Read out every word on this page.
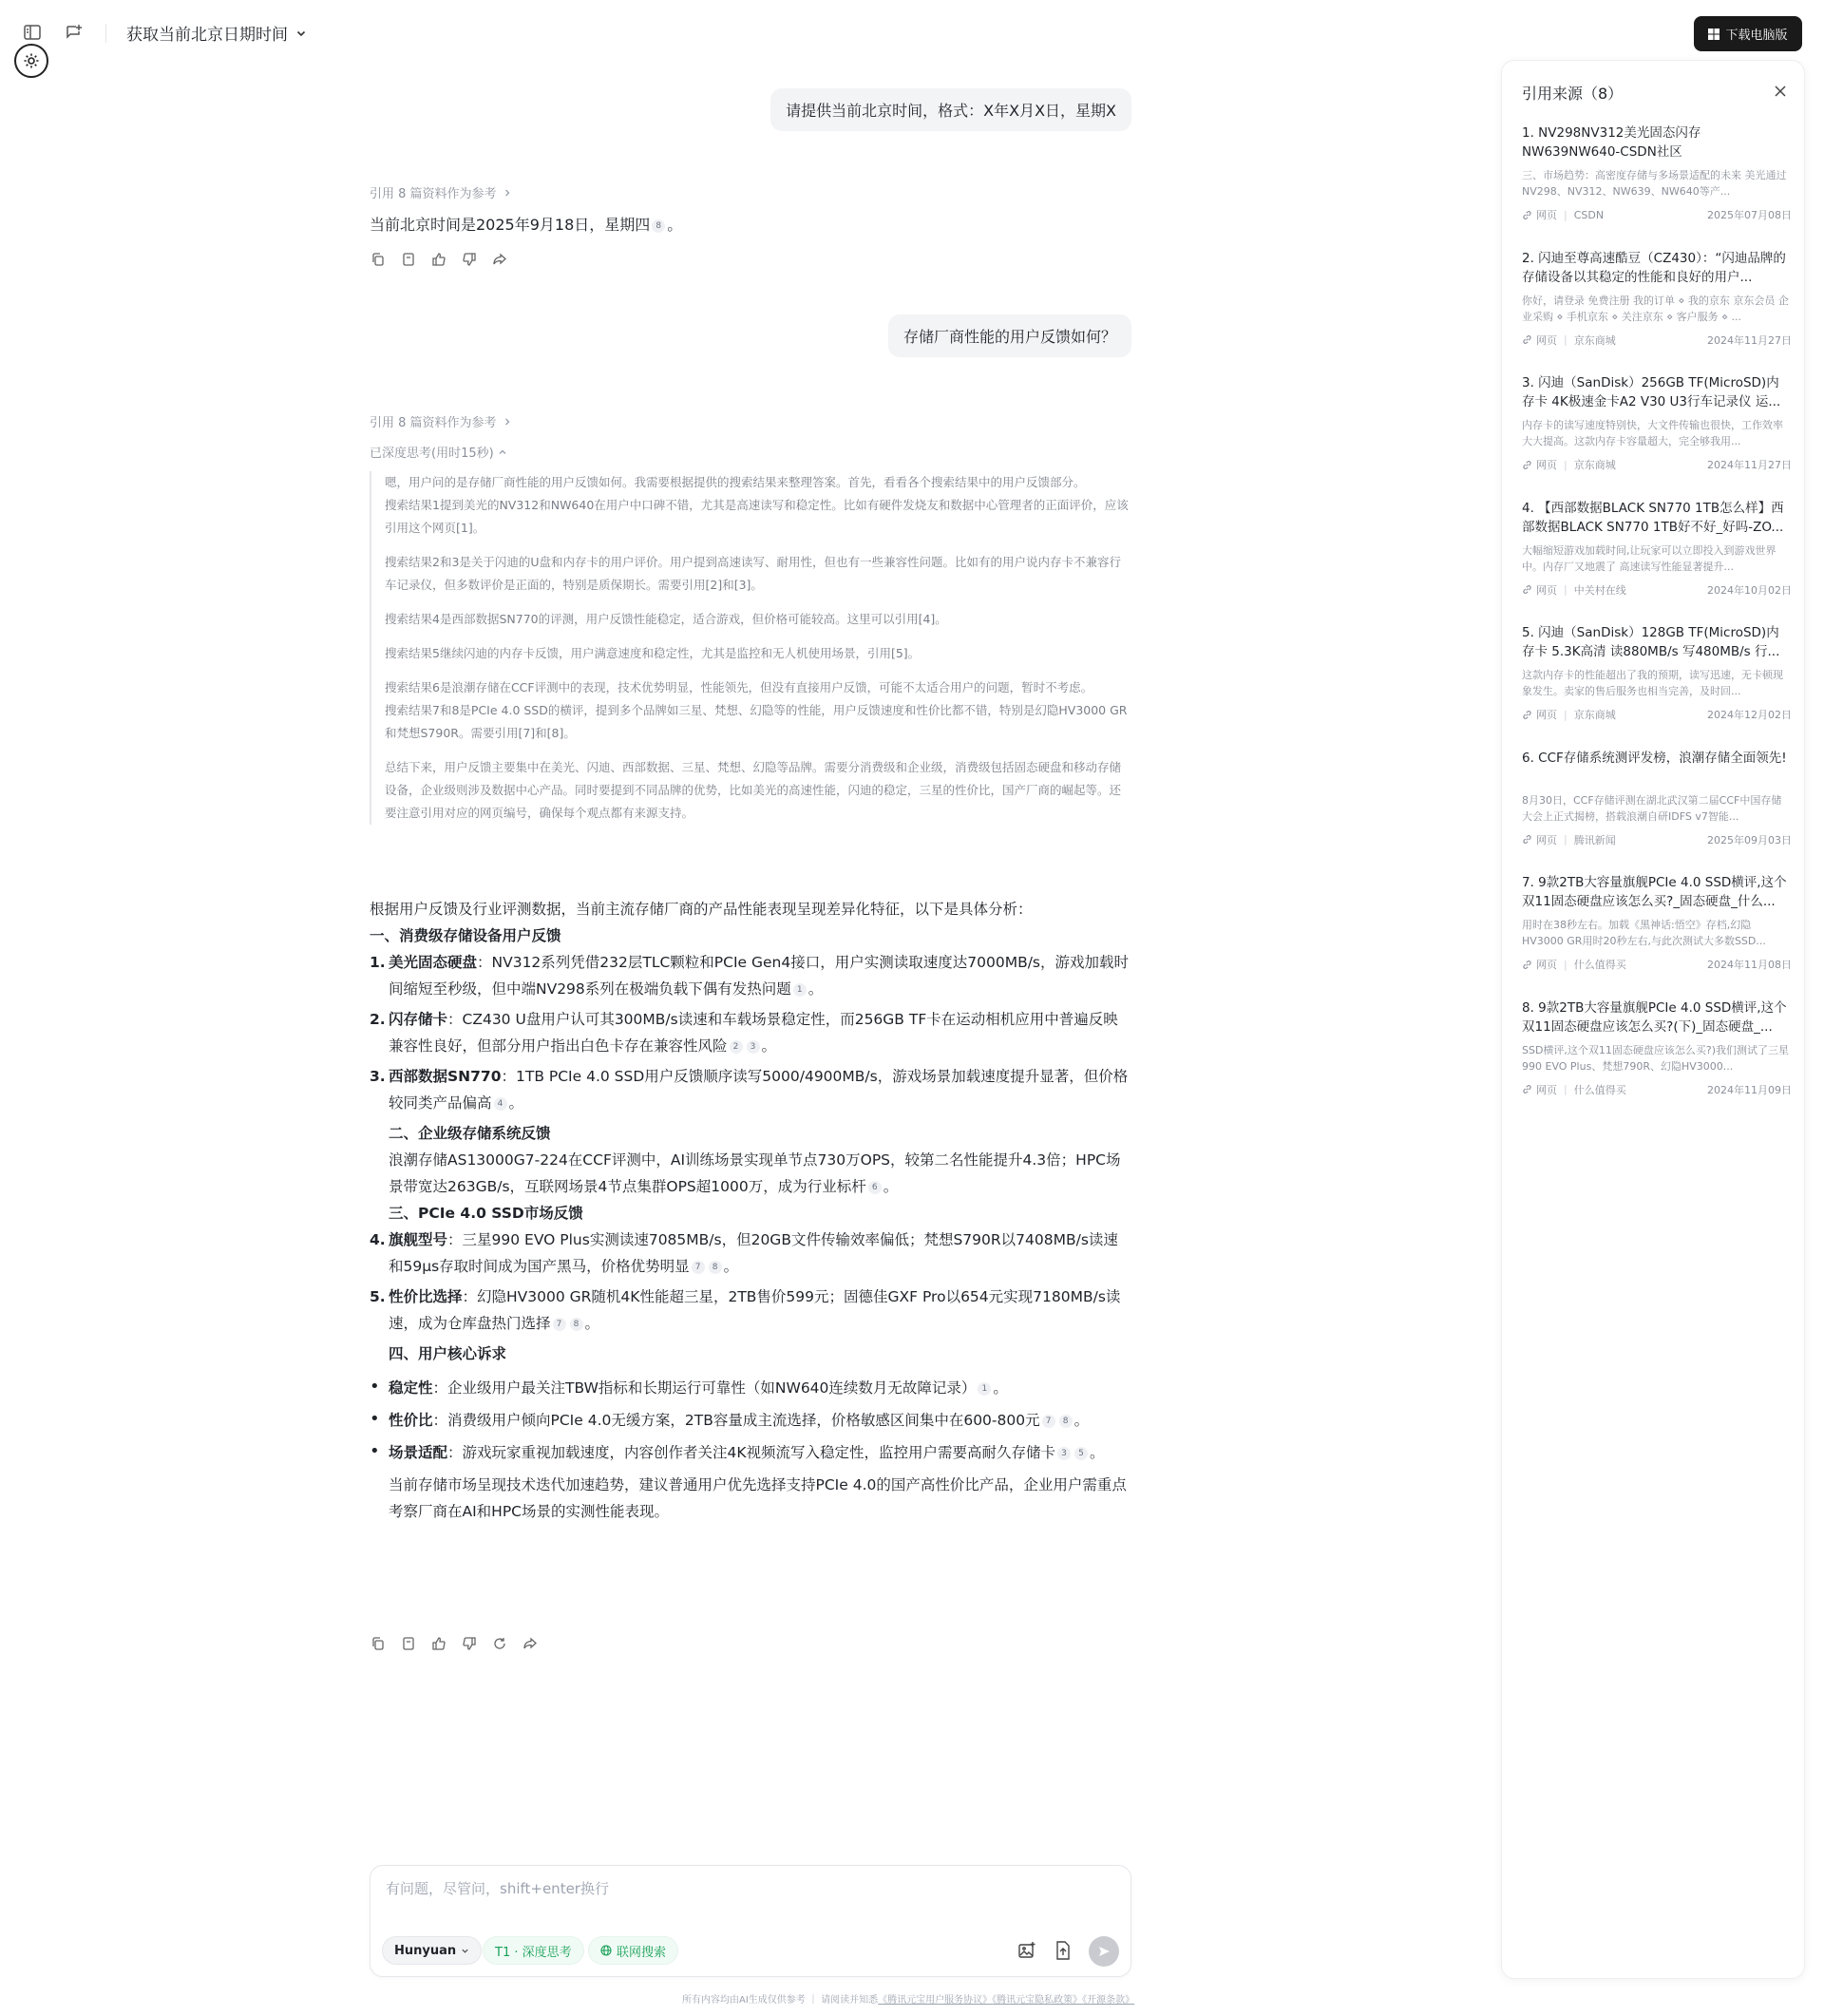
获取当前北京日期时间	下载电脑版
请提供当前北京时间，格式：X年X月X日，星期X
引用 8 篇资料作为参考
当前北京时间是2025年9月18日，星期四 8 。
存储厂商性能的用户反馈如何？
引用 8 篇资料作为参考
已深度思考(用时15秒)

嗯，用户问的是存储厂商性能的用户反馈如何。我需要根据提供的搜索结果来整理答案。首先，看看各个搜索结果中的用户反馈部分。

搜索结果1提到美光的NV312和NW640在用户中口碑不错，尤其是高速读写和稳定性。比如有硬件发烧友和数据中心管理者的正面评价，应该引用这个网页[1]。

搜索结果2和3是关于闪迪的U盘和内存卡的用户评价。用户提到高速读写、耐用性，但也有一些兼容性问题。比如有的用户说内存卡不兼容行车记录仪，但多数评价是正面的，特别是质保期长。需要引用[2]和[3]。

搜索结果4是西部数据SN770的评测，用户反馈性能稳定，适合游戏，但价格可能较高。这里可以引用[4]。

搜索结果5继续闪迪的内存卡反馈，用户满意速度和稳定性，尤其是监控和无人机使用场景，引用[5]。

搜索结果6是浪潮存储在CCF评测中的表现，技术优势明显，性能领先，但没有直接用户反馈，可能不太适合用户的问题，暂时不考虑。

搜索结果7和8是PCIe 4.0 SSD的横评，提到多个品牌如三星、梵想、幻隐等的性能，用户反馈速度和性价比都不错，特别是幻隐HV3000 GR和梵想S790R。需要引用[7]和[8]。

总结下来，用户反馈主要集中在美光、闪迪、西部数据、三星、梵想、幻隐等品牌。需要分消费级和企业级，消费级包括固态硬盘和移动存储设备，企业级则涉及数据中心产品。同时要提到不同品牌的优势，比如美光的高速性能，闪迪的稳定，三星的性价比，国产厂商的崛起等。还要注意引用对应的网页编号，确保每个观点都有来源支持。

根据用户反馈及行业评测数据，当前主流存储厂商的产品性能表现呈现差异化特征，以下是具体分析：
一、消费级存储设备用户反馈
1. 美光固态硬盘：NV312系列凭借232层TLC颗粒和PCIe Gen4接口，用户实测读取速度达7000MB/s，游戏加载时间缩短至秒级，但中端NV298系列在极端负载下偶有发热问题 1 。
2. 闪存储卡：CZ430 U盘用户认可其300MB/s读速和车载场景稳定性，而256GB TF卡在运动相机应用中普遍反映兼容性良好，但部分用户指出白色卡存在兼容性风险 2 3 。
3. 西部数据SN770：1TB PCIe 4.0 SSD用户反馈顺序读写5000/4900MB/s，游戏场景加载速度提升显著，但价格较同类产品偏高 4 。
二、企业级存储系统反馈
浪潮存储AS13000G7-224在CCF评测中，AI训练场景实现单节点730万OPS，较第二名性能提升4.3倍；HPC场景带宽达263GB/s，互联网场景4节点集群OPS超1000万，成为行业标杆 6 。
三、PCIe 4.0 SSD市场反馈
4. 旗舰型号：三星990 EVO Plus实测读速7085MB/s，但20GB文件传输效率偏低；梵想S790R以7408MB/s读速和59μs存取时间成为国产黑马，价格优势明显 7 8 。
5. 性价比选择：幻隐HV3000 GR随机4K性能超三星，2TB售价599元；固德佳GXF Pro以654元实现7180MB/s读速，成为仓库盘热门选择 7 8 。
四、用户核心诉求
• 稳定性：企业级用户最关注TBW指标和长期运行可靠性（如NW640连续数月无故障记录） 1 。
• 性价比：消费级用户倾向PCIe 4.0无缓方案，2TB容量成主流选择，价格敏感区间集中在600-800元 7 8 。
• 场景适配：游戏玩家重视加载速度，内容创作者关注4K视频流写入稳定性，监控用户需要高耐久存储卡 3 5 。
当前存储市场呈现技术迭代加速趋势，建议普通用户优先选择支持PCIe 4.0的国产高性价比产品，企业用户需重点考察厂商在AI和HPC场景的实测性能表现。
有问题，尽管问，shift+enter换行
Hunyuan	T1 · 深度思考	联网搜索
所有内容均由AI生成仅供参考 ｜ 请阅读并知悉《腾讯元宝用户服务协议》《腾讯元宝隐私政策》《开源条款》
引用来源（8）
1. NV298NV312美光固态闪存NW639NW640-CSDN社区
三、市场趋势：高密度存储与多场景适配的未来 美光通过NV298、NV312、NW639、NW640等产...
网页 | CSDN	2025年07月08日
2. 闪迪至尊高速酷豆（CZ430）：“闪迪品牌的存储设备以其稳定的性能和良好的用户...
你好，请登录 免费注册 我的订单 ⋄ 我的京东 京东会员 企业采购 ⋄ 手机京东 ⋄ 关注京东 ⋄ 客户服务 ⋄ ...
网页 | 京东商城	2024年11月27日
3. 闪迪（SanDisk）256GB TF(MicroSD)内存卡 4K极速金卡A2 V30 U3行车记录仪 运...
内存卡的读写速度特别快，大文件传输也很快，工作效率大大提高。这款内存卡容量超大，完全够我用...
网页 | 京东商城	2024年11月27日
4. 【西部数据BLACK SN770 1TB怎么样】西部数据BLACK SN770 1TB好不好_好吗-ZO...
大幅缩短游戏加载时间,让玩家可以立即投入到游戏世界中。内存厂又地震了 高速读写性能显著提升...
网页 | 中关村在线	2024年10月02日
5. 闪迪（SanDisk）128GB TF(MicroSD)内存卡 5.3K高清 读880MB/s 写480MB/s 行...
这款内存卡的性能超出了我的预期，读写迅速，无卡顿现象发生。卖家的售后服务也相当完善，及时回...
网页 | 京东商城	2024年12月02日
6. CCF存储系统测评发榜，浪潮存储全面领先!
8月30日，CCF存储评测在湖北武汉第二届CCF中国存储大会上正式揭榜，搭载浪潮自研IDFS v7智能...
网页 | 腾讯新闻	2025年09月03日
7. 9款2TB大容量旗舰PCIe 4.0 SSD横评,这个双11固态硬盘应该怎么买?_固态硬盘_什么...
用时在38秒左右。加载《黑神话:悟空》存档,幻隐HV3000 GR用时20秒左右,与此次测试大多数SSD...
网页 | 什么值得买	2024年11月08日
8. 9款2TB大容量旗舰PCIe 4.0 SSD横评,这个双11固态硬盘应该怎么买?(下)_固态硬盘_...
SSD横评,这个双11固态硬盘应该怎么买?)我们测试了三星990 EVO Plus、梵想790R、幻隐HV3000...
网页 | 什么值得买	2024年11月09日
